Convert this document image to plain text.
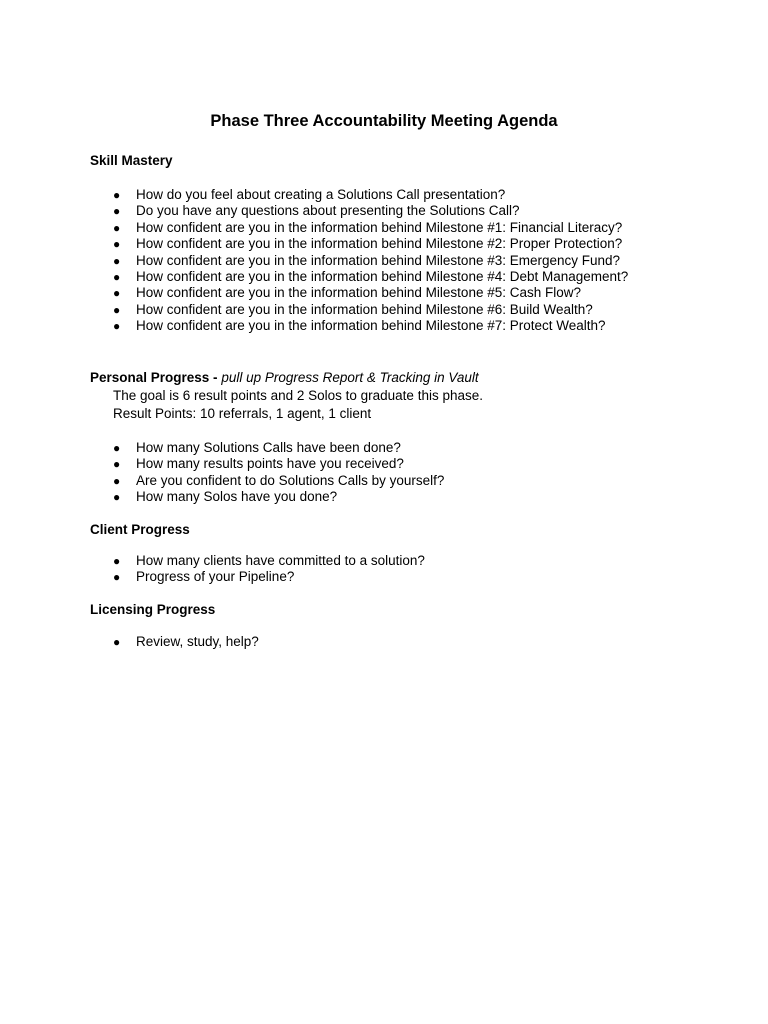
Phase Three Accountability Meeting Agenda
Skill Mastery
● How do you feel about creating a Solutions Call presentation?
● Do you have any questions about presenting the Solutions Call?
● How confident are you in the information behind Milestone #1: Financial Literacy?
● How confident are you in the information behind Milestone #2: Proper Protection?
● How confident are you in the information behind Milestone #3: Emergency Fund?
● How confident are you in the information behind Milestone #4: Debt Management?
● How confident are you in the information behind Milestone #5: Cash Flow?
● How confident are you in the information behind Milestone #6: Build Wealth?
● How confident are you in the information behind Milestone #7: Protect Wealth?
Personal Progress - pull up Progress Report & Tracking in Vault
The goal is 6 result points and 2 Solos to graduate this phase.
Result Points: 10 referrals, 1 agent, 1 client
● How many Solutions Calls have been done?
● How many results points have you received?
● Are you confident to do Solutions Calls by yourself?
● How many Solos have you done?
Client Progress
● How many clients have committed to a solution?
● Progress of your Pipeline?
Licensing Progress
● Review, study, help?
